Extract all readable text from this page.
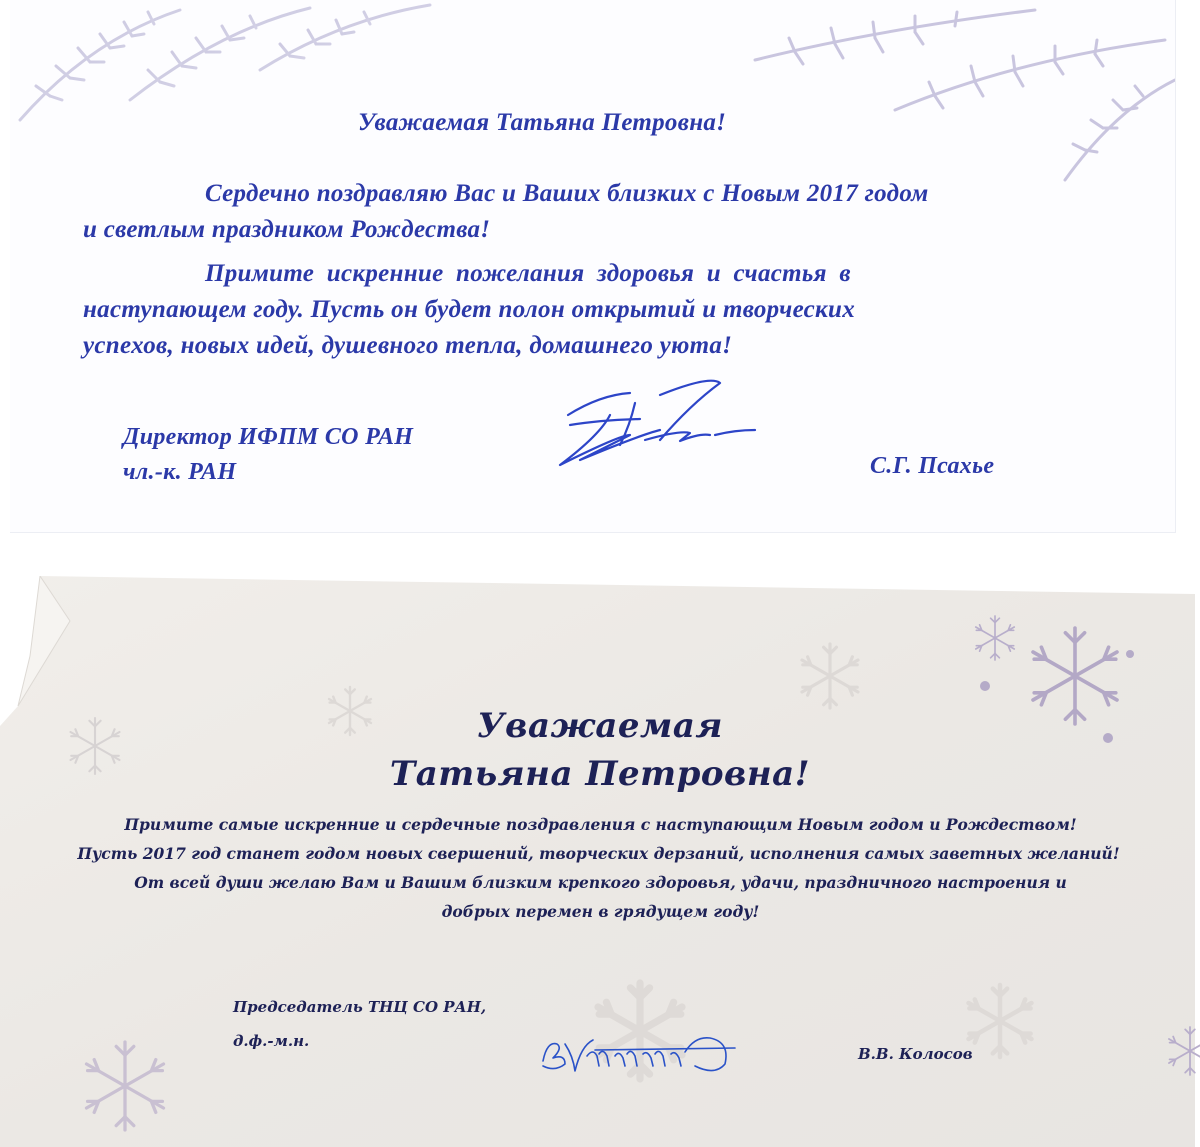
Уважаемая Татьяна Петровна!
Сердечно поздравляю Вас и Ваших близких с Новым 2017 годом
и светлым праздником Рождества!
Примите искренние пожелания здоровья и счастья в
наступающем году. Пусть он будет полон открытий и творческих
успехов, новых идей, душевного тепла, домашнего уюта!
Директор ИФПМ СО РАН
чл.-к. РАН	С.Г. Псахье
Уважаемая
Татьяна Петровна!
Примите самые искренние и сердечные поздравления с наступающим Новым годом и Рождеством!
Пусть 2017 год станет годом новых свершений, творческих дерзаний, исполнения самых заветных желаний!
От всей души желаю Вам и Вашим близким крепкого здоровья, удачи, праздничного настроения и
добрых перемен в грядущем году!
Председатель ТНЦ СО РАН,
д.ф.-м.н.
В.В. Колосов
